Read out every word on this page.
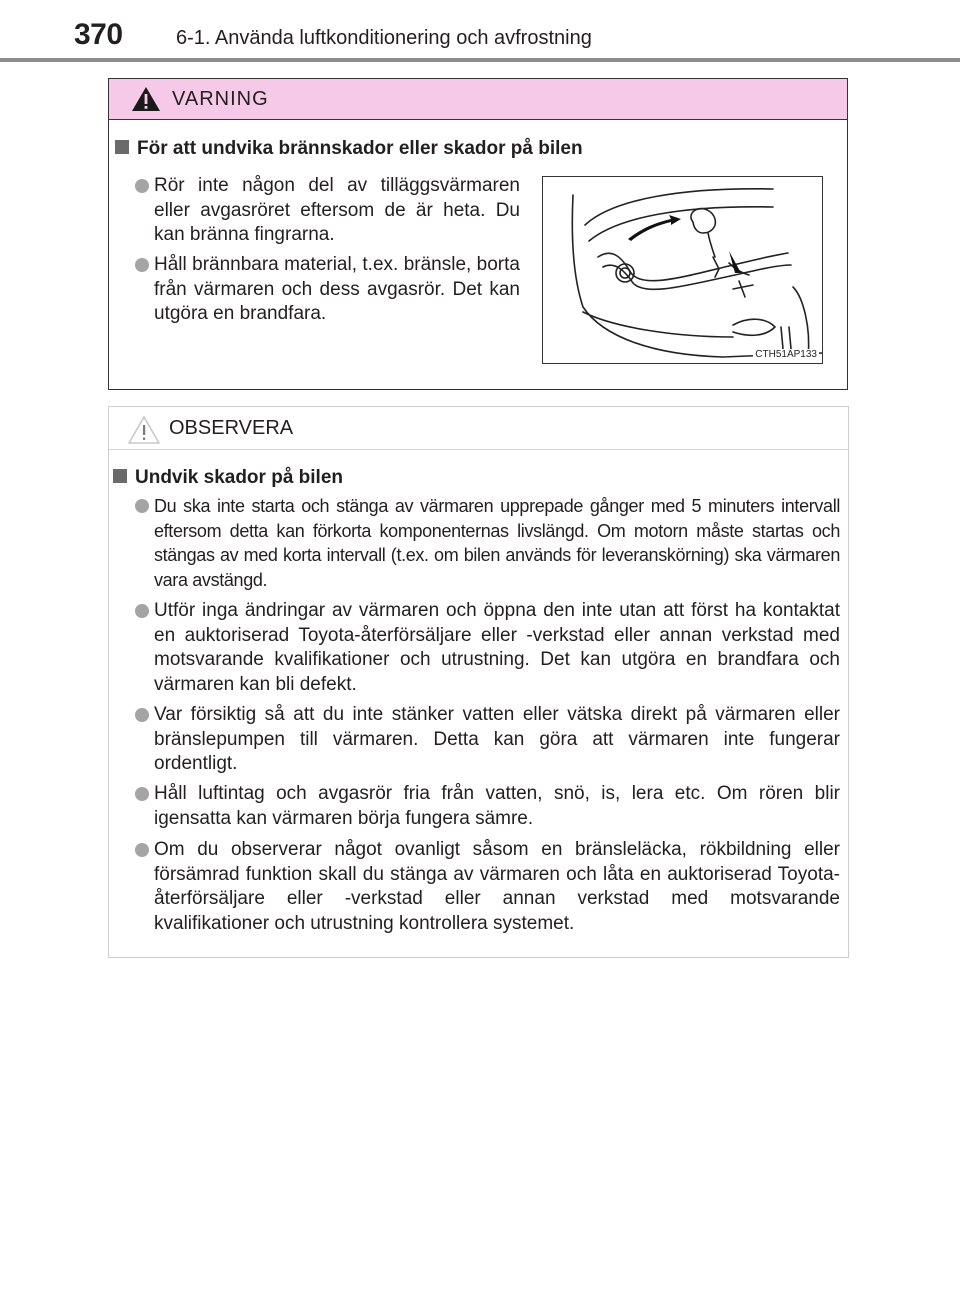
370	6-1. Använda luftkonditionering och avfrostning
VARNING
För att undvika brännskador eller skador på bilen
Rör inte någon del av tilläggsvärmaren eller avgasröret eftersom de är heta. Du kan bränna fingrarna.
Håll brännbara material, t.ex. bränsle, borta från värmaren och dess avgasrör. Det kan utgöra en brandfara.
CTH51AP133
OBSERVERA
Undvik skador på bilen
Du ska inte starta och stänga av värmaren upprepade gånger med 5 minuters intervall eftersom detta kan förkorta komponenternas livslängd. Om motorn måste startas och stängas av med korta intervall (t.ex. om bilen används för leveranskörning) ska värmaren vara avstängd.
Utför inga ändringar av värmaren och öppna den inte utan att först ha kontaktat en auktoriserad Toyota-återförsäljare eller -verkstad eller annan verkstad med motsvarande kvalifikationer och utrustning. Det kan utgöra en brandfara och värmaren kan bli defekt.
Var försiktig så att du inte stänker vatten eller vätska direkt på värmaren eller bränslepumpen till värmaren. Detta kan göra att värmaren inte fungerar ordentligt.
Håll luftintag och avgasrör fria från vatten, snö, is, lera etc. Om rören blir igensatta kan värmaren börja fungera sämre.
Om du observerar något ovanligt såsom en bränsleläcka, rökbildning eller försämrad funktion skall du stänga av värmaren och låta en auktoriserad Toyota-återförsäljare eller -verkstad eller annan verkstad med motsvarande kvalifikationer och utrustning kontrollera systemet.
